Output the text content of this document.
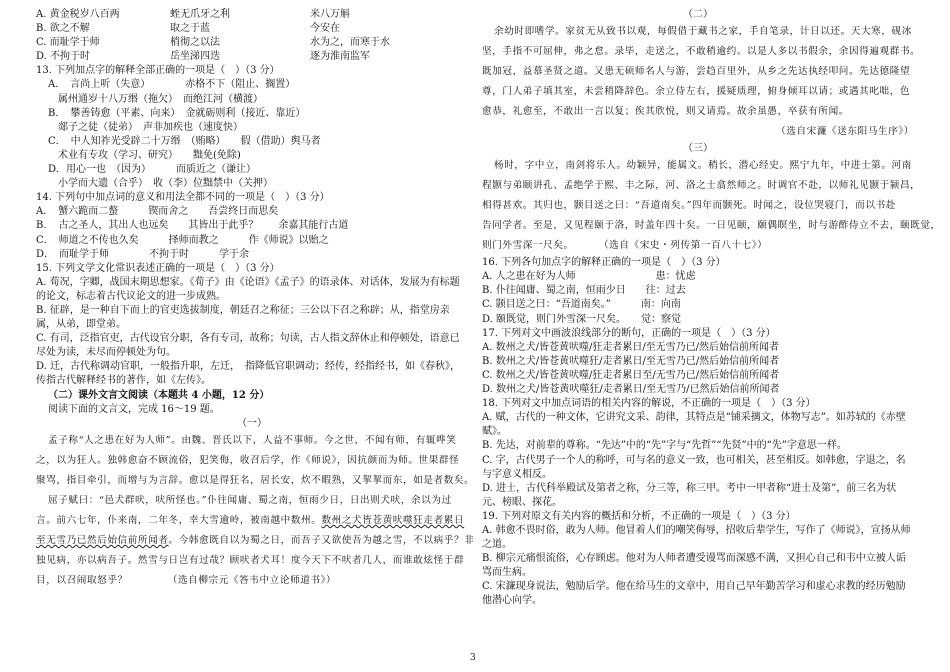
A. 黄金税岁八百两	蛭无爪牙之利	米八万斛
B. 欲之不解	取之于蓝	今安在
C. 而耻学于师	梢彻之以法	水为之，而寒于水
D. 不拘于时	岳坐涕四迭	逐为淮南监军
13. 下列加点字的解释全部正确的一项是（　）（3 分）
A．　言尚上听（失意）　　　　赤格不下（阻止、搁置）
　属州通岁十八万缗（拖欠）　而绝江河（横渡）
B．　攀善铸愈（平素、向来）　金就砺则利（接近、靠近）
　郯子之徒（徒弟）　声非加疾也（速度快）
C．　中人知祚光受辟二十万缗　（贿略）　　假（借助）舆马者
　术业有专攻（学习、研究）　　黜免(免除)
D．用心一也　（因为）　　　而质近之（谦让）
　小学而大遗（合乎）　收（李）位黜禁中（关押）
14. 下列句中加点词的意义和用法全都不同的一项是（　）（3 分）
A．　蟹六跪而二螯　　　锲而舍之　　吾尝终日而思矣
B．　古之圣人，其出人也远矣　　其皆出于此乎？　　余嘉其能行古道
C．　师道之不传也久矣　　　择师而教之　　　作《师说》以贻之
D．　而耻学于师　　　　不拘于时　　　学于余
15. 下列文学文化常识表述正确的一项是（　）（3 分）
A. 荀况，字卿，战国末期思想家。《荀子》由《论语》《孟子》的语录体、对话体，发展为有标题的论文，标志着古代议论文的进一步成熟。
B. 征辟，是一种自下而上的官吏选拔制度，朝廷召之称征；三公以下召之称辟；从，指堂房亲属，从弟，即堂弟。
C. 有司，泛指官吏，古代设官分职，各有专司，故称；句读，古人指文辞休止和停顿处，语意已尽处为读，未尽而停顿处为句。
D. 迁，古代称调动官职，一般指升职，左迁，　指降低官职调动；经传，经指经书，如《春秋》，传指古代解释经书的著作，如《左传》。
（二）课外文言文阅读（本题共 4 小题，12 分）
阅读下面的文言文，完成 16～19 题。
（一）
孟子称“人之患在好为人师”。由魏、晋氏以下，人益不事师。今之世，不闻有师，有辄哗笑
之，以为狂人。独韩愈奋不顾流俗，犯笑侮，收召后学，作《师说》，因抗颜而为师。世果群怪
聚骂，指目牵引，而增与为言辞。愈以是得狂名，居长安，炊不暇熟，又挈挈而东，如是者数矣。
屈子赋曰：“邑犬群吠，吠所怪也。”仆往闻庸、蜀之南，恒雨少日，日出则犬吠，余以为过
言。前六七年，仆来南，二年冬，幸大雪逾岭，被南越中数州。数州之犬皆苍黄吠噬狂走者累日
至无雪乃已然后始信前所闻者。今韩愈既自以为蜀之日，而吾子又欲使吾为越之雪，不以病乎？非
独见病，亦以病吾子。然雪与日岂有过哉？顾吠者犬耳！度今天下不吠者几人，而谁敢炫怪于群
目，以召闹取怒乎？	（选自柳宗元《答韦中立论师道书》）
（二）
余幼时即嗜学。家贫无从致书以观，每假借于藏书之家，手自笔录，计日以还。天大寒，砚冰
坚，手指不可屈伸，弗之怠。录毕，走送之，不敢稍逾约。以是人多以书假余，余因得遍观群书。
既加冠，益慕圣贤之道。又患无硕师名人与游，尝趋百里外，从乡之先达执经叩问。先达德隆望
尊，门人弟子填其室，未尝稍降辞色。余立侍左右，援疑质理，俯身倾耳以请；或遇其叱咄，色
愈恭，礼愈至，不敢出一言以复；俟其欣悦，则又请焉。故余虽愚，卒获有所闻。
（选自宋濂《送东阳马生序》）
（三）
杨时，字中立，南剑将乐人。幼颖异，能属文。稍长，潜心经史。熙宁九年，中进士第。河南
程颢与弟颐讲孔、孟绝学于熙、丰之际，河、洛之士翕然师之。时调官不赴，以师礼见颢于颍昌，
相得甚欢。其归也，颢目送之曰：“吾道南矣。”四年而颢死。时闻之，设位哭寝门，而以书赴
告同学者。至是，又见程颐于洛，时盖年四十矣。一日见颐，颐偶瞑坐，时与游酢侍立不去，颐既觉，
则门外雪深一尺矣。	（选自《宋史・列传第一百八十七》）
16. 下列各句加点字的解释正确的一项是（　）（3 分）
A. 人之患在好为人师　　　　　　　　患：忧虑
B. 仆往闻庸、蜀之南，恒雨少日　　往：过去
C. 颢目送之曰：“吾道南矣。”　　　南：向南
D. 颐既觉，则门外雪深一尺矣。　　觉：察觉
17. 下列对文中画波浪线部分的断句，正确的一项是（　）（3 分）
A. 数州之犬/皆苍黄吠噬/狂走者累日/至无雪乃已/然后始信前所闻者
B. 数州之犬/皆苍黄吠噬狂/走者累日/至无雪乃已/然后始信前所闻者
C. 数州之犬/皆苍黄吠噬/狂走者累日至/无雪乃已/然后始信前所闻者
D. 数州之犬/皆苍黄吠噬狂/走者累日/至无雪乃/已然后始信前所闻者
18. 下列对文中加点词语的相关内容的解说，不正确的一项是（　）（3 分）
A. 赋，古代的一种文体，它讲究文采、韵律，其特点是“铺采摛文，体物写志”。如苏轼的《赤壁赋》。
B. 先达，对前辈的尊称。“先达”中的“先”字与“先哲”“先贤”中的“先”字意思一样。
C. 字，古代男子一个人的称呼，可与名的意义一致，也可相关，甚至相反。如韩愈，字退之，名与字意义相反。
D. 进士，古代科举殿试及第者之称，分三等，称三甲。考中一甲者称“进士及第”，前三名为状元、榜眼、探花。
19. 下列对原文有关内容的概括和分析，不正确的一项是（　）（3 分）
A. 韩愈不畏时俗，敢为人师。他冒着人们的嘲笑侮辱，招收后辈学生，写作了《师说》，宣扬从师之道。
B. 柳宗元痛恨流俗，心存顾虑。他对为人师者遭受谩骂而深感不满，又担心自己和韦中立被人诟骂而生病。
C. 宋濂现身说法，勉励后学。他在给马生的文章中，用自己早年勤苦学习和虚心求教的经历勉励他潜心向学。
3
